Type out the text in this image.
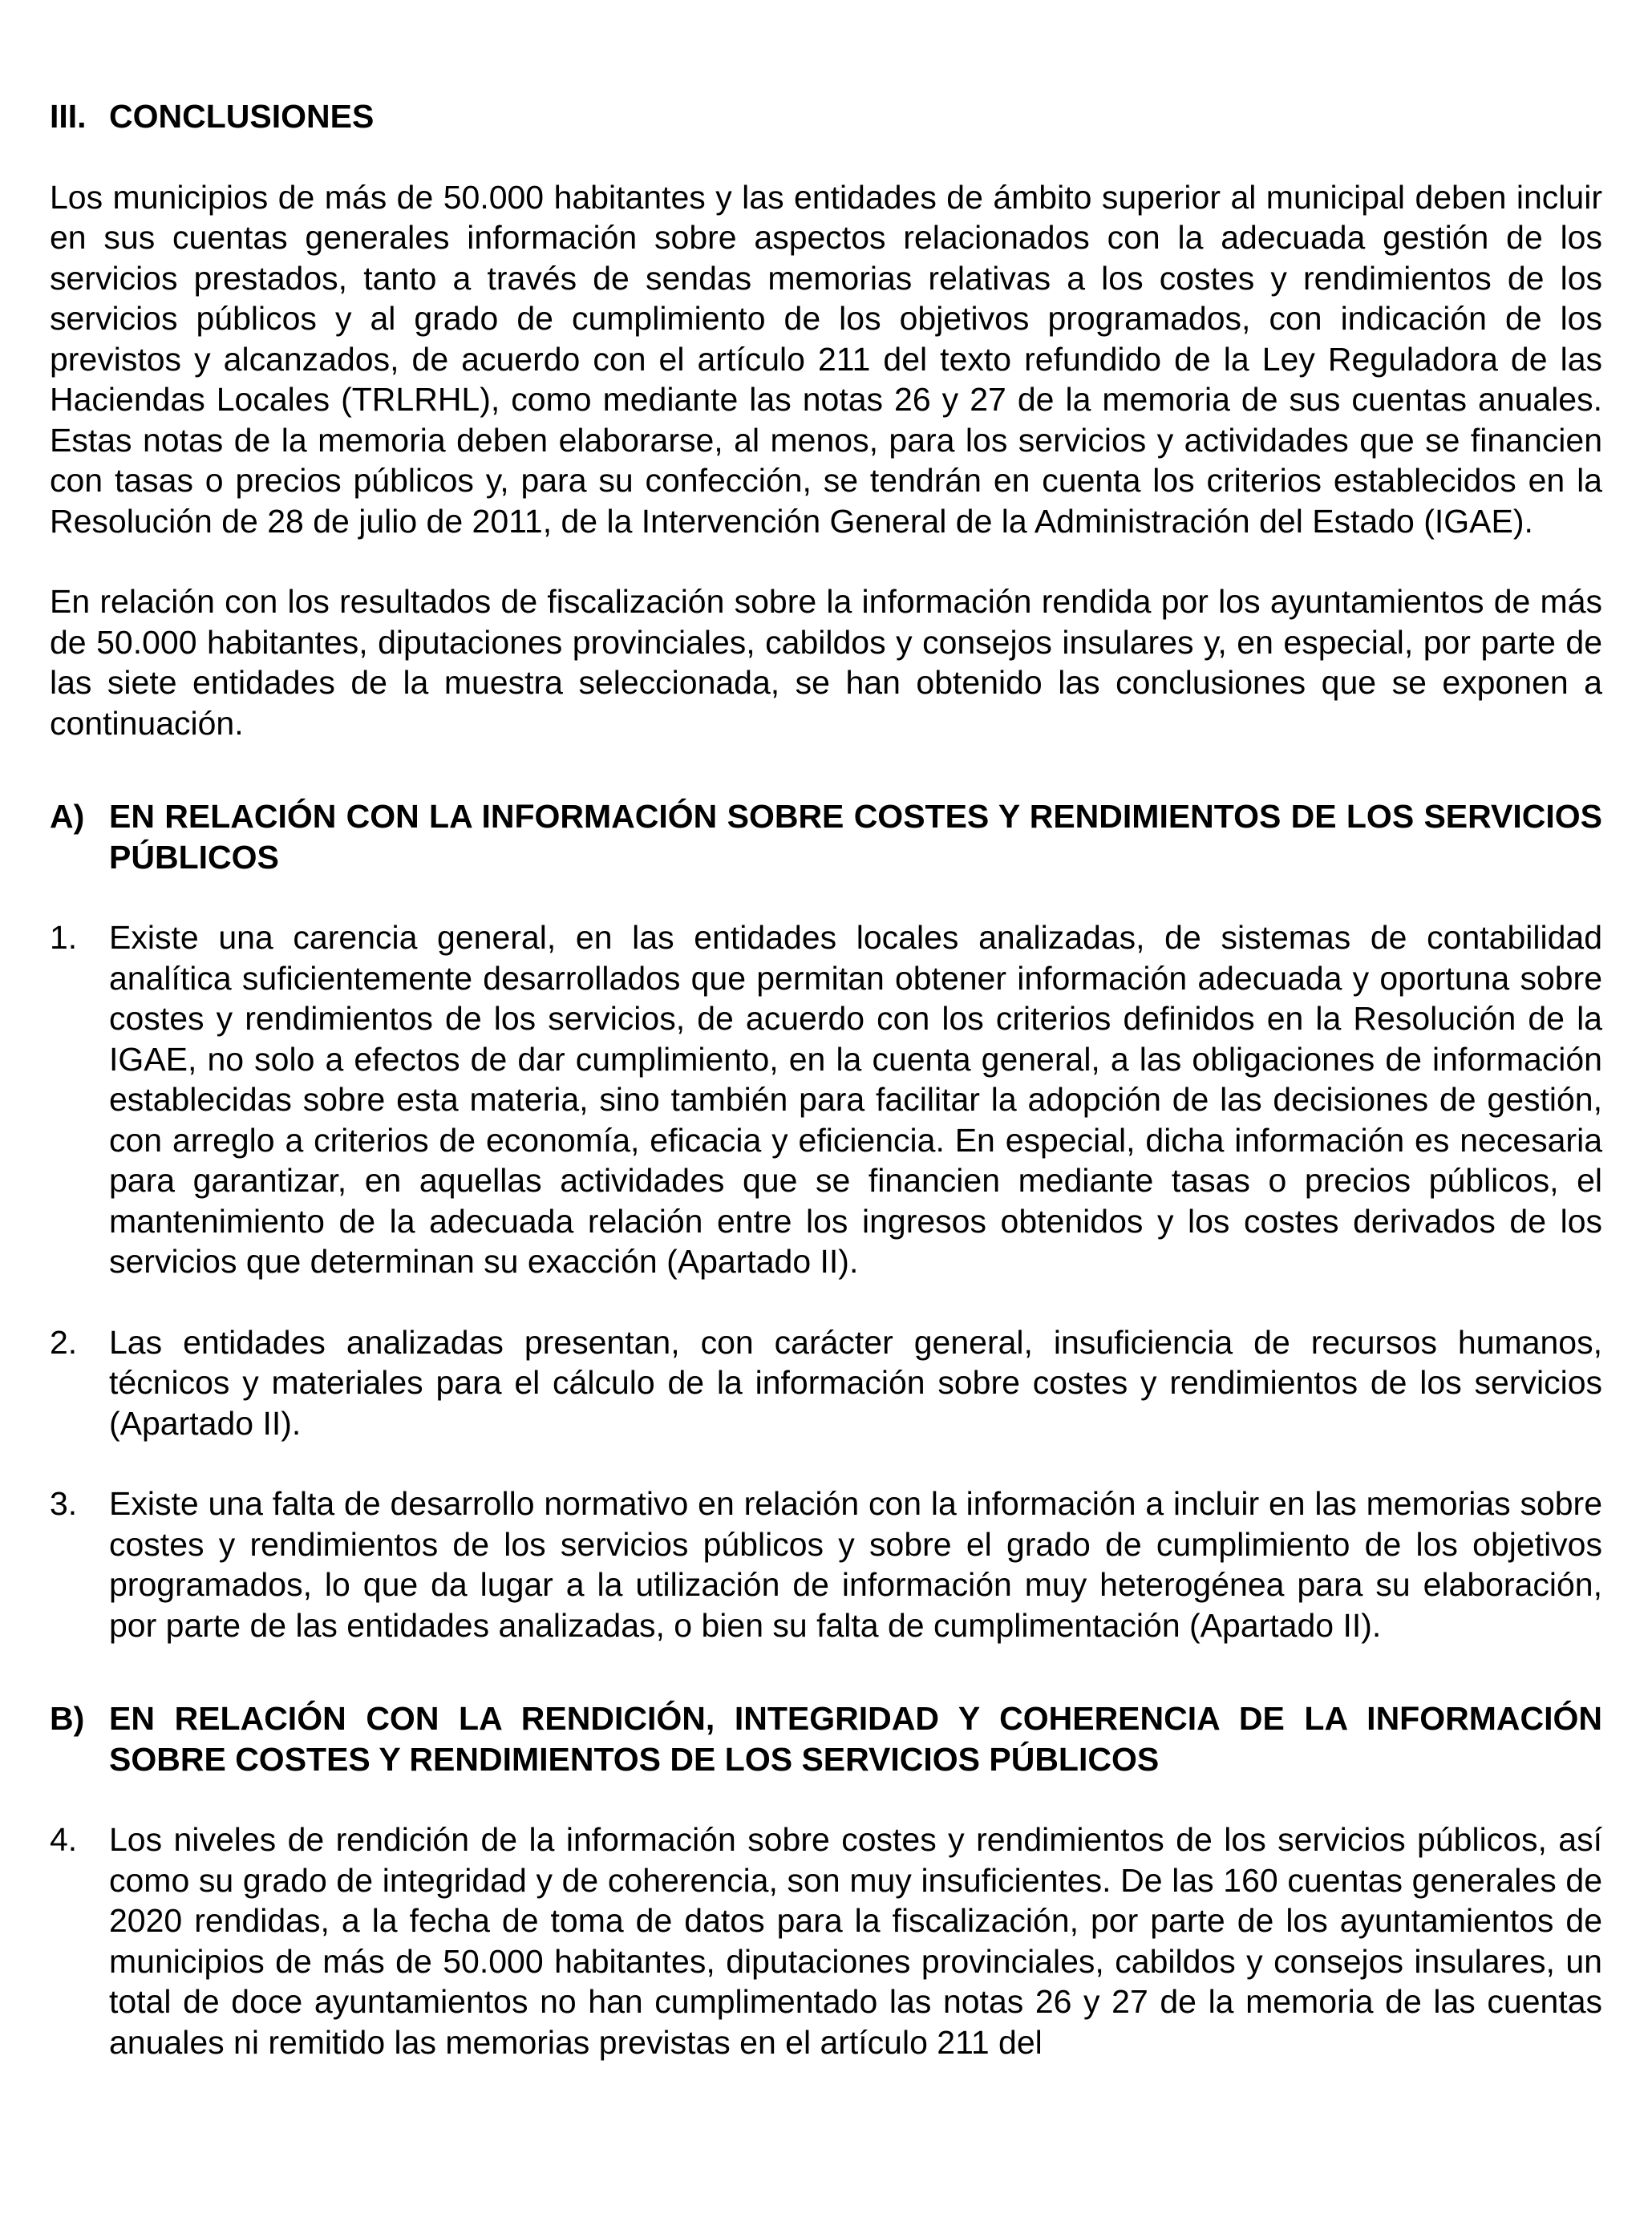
III. CONCLUSIONES

Los municipios de más de 50.000 habitantes y las entidades de ámbito superior al municipal deben incluir en sus cuentas generales información sobre aspectos relacionados con la adecuada gestión de los servicios prestados, tanto a través de sendas memorias relativas a los costes y rendimientos de los servicios públicos y al grado de cumplimiento de los objetivos programados, con indicación de los previstos y alcanzados, de acuerdo con el artículo 211 del texto refundido de la Ley Reguladora de las Haciendas Locales (TRLRHL), como mediante las notas 26 y 27 de la memoria de sus cuentas anuales. Estas notas de la memoria deben elaborarse, al menos, para los servicios y actividades que se financien con tasas o precios públicos y, para su confección, se tendrán en cuenta los criterios establecidos en la Resolución de 28 de julio de 2011, de la Intervención General de la Administración del Estado (IGAE).

En relación con los resultados de fiscalización sobre la información rendida por los ayuntamientos de más de 50.000 habitantes, diputaciones provinciales, cabildos y consejos insulares y, en especial, por parte de las siete entidades de la muestra seleccionada, se han obtenido las conclusiones que se exponen a continuación.

A) EN RELACIÓN CON LA INFORMACIÓN SOBRE COSTES Y RENDIMIENTOS DE LOS SERVICIOS PÚBLICOS
1. Existe una carencia general, en las entidades locales analizadas, de sistemas de contabilidad analítica suficientemente desarrollados que permitan obtener información adecuada y oportuna sobre costes y rendimientos de los servicios, de acuerdo con los criterios definidos en la Resolución de la IGAE, no solo a efectos de dar cumplimiento, en la cuenta general, a las obligaciones de información establecidas sobre esta materia, sino también para facilitar la adopción de las decisiones de gestión, con arreglo a criterios de economía, eficacia y eficiencia. En especial, dicha información es necesaria para garantizar, en aquellas actividades que se financien mediante tasas o precios públicos, el mantenimiento de la adecuada relación entre los ingresos obtenidos y los costes derivados de los servicios que determinan su exacción (Apartado II).
2. Las entidades analizadas presentan, con carácter general, insuficiencia de recursos humanos, técnicos y materiales para el cálculo de la información sobre costes y rendimientos de los servicios (Apartado II).
3. Existe una falta de desarrollo normativo en relación con la información a incluir en las memorias sobre costes y rendimientos de los servicios públicos y sobre el grado de cumplimiento de los objetivos programados, lo que da lugar a la utilización de información muy heterogénea para su elaboración, por parte de las entidades analizadas, o bien su falta de cumplimentación (Apartado II).
B) EN RELACIÓN CON LA RENDICIÓN, INTEGRIDAD Y COHERENCIA DE LA INFORMACIÓN SOBRE COSTES Y RENDIMIENTOS DE LOS SERVICIOS PÚBLICOS
4. Los niveles de rendición de la información sobre costes y rendimientos de los servicios públicos, así como su grado de integridad y de coherencia, son muy insuficientes. De las 160 cuentas generales de 2020 rendidas, a la fecha de toma de datos para la fiscalización, por parte de los ayuntamientos de municipios de más de 50.000 habitantes, diputaciones provinciales, cabildos y consejos insulares, un total de doce ayuntamientos no han cumplimentado las notas 26 y 27 de la memoria de las cuentas anuales ni remitido las memorias previstas en el artículo 211 del
